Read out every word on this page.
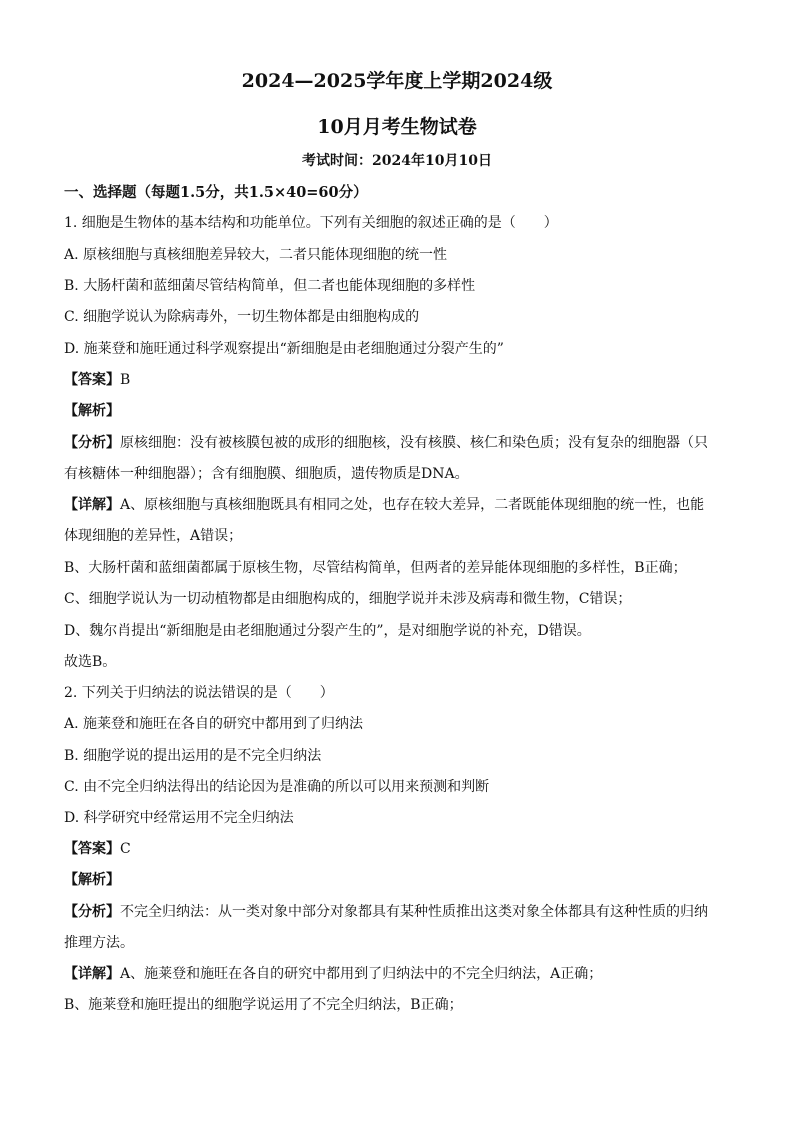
2024—2025学年度上学期2024级
10月月考生物试卷
考试时间：2024年10月10日
一、选择题（每题1.5分，共1.5×40=60分）
1. 细胞是生物体的基本结构和功能单位。下列有关细胞的叙述正确的是（　　）
A. 原核细胞与真核细胞差异较大，二者只能体现细胞的统一性
B. 大肠杆菌和蓝细菌尽管结构简单，但二者也能体现细胞的多样性
C. 细胞学说认为除病毒外，一切生物体都是由细胞构成的
D. 施莱登和施旺通过科学观察提出“新细胞是由老细胞通过分裂产生的”
【答案】B
【解析】
【分析】原核细胞：没有被核膜包被的成形的细胞核，没有核膜、核仁和染色质；没有复杂的细胞器（只
有核糖体一种细胞器）；含有细胞膜、细胞质，遗传物质是DNA。
【详解】A、原核细胞与真核细胞既具有相同之处，也存在较大差异，二者既能体现细胞的统一性，也能
体现细胞的差异性，A错误；
B、大肠杆菌和蓝细菌都属于原核生物，尽管结构简单，但两者的差异能体现细胞的多样性，B正确；
C、细胞学说认为一切动植物都是由细胞构成的，细胞学说并未涉及病毒和微生物，C错误；
D、魏尔肖提出“新细胞是由老细胞通过分裂产生的”，是对细胞学说的补充，D错误。
故选B。
2. 下列关于归纳法的说法错误的是（　　）
A. 施莱登和施旺在各自的研究中都用到了归纳法
B. 细胞学说的提出运用的是不完全归纳法
C. 由不完全归纳法得出的结论因为是准确的所以可以用来预测和判断
D. 科学研究中经常运用不完全归纳法
【答案】C
【解析】
【分析】不完全归纳法：从一类对象中部分对象都具有某种性质推出这类对象全体都具有这种性质的归纳
推理方法。
【详解】A、施莱登和施旺在各自的研究中都用到了归纳法中的不完全归纳法，A正确；
B、施莱登和施旺提出的细胞学说运用了不完全归纳法，B正确；
